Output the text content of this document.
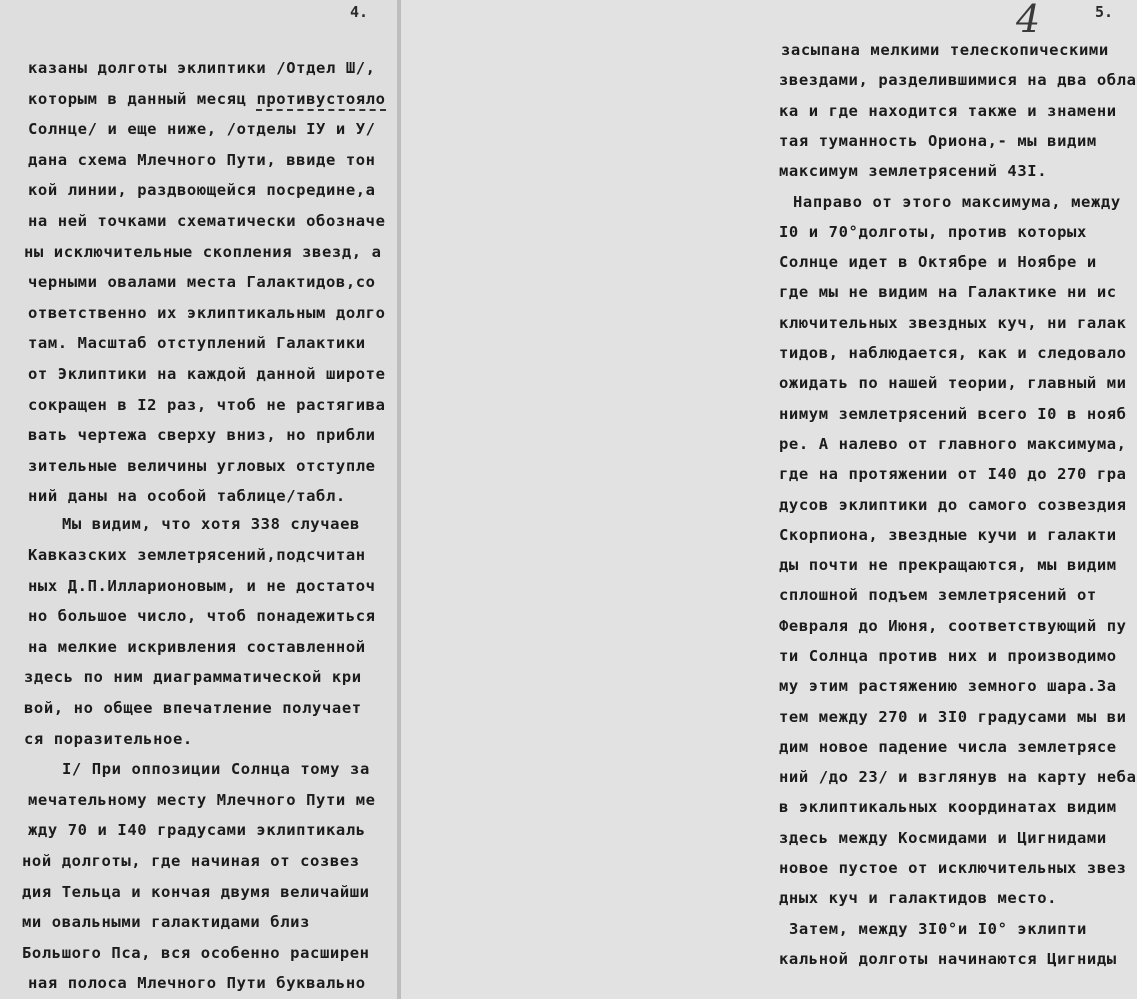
4.
казаны долготы эклиптики /Отдел Ш/,
которым в данный месяц противустояло
Солнце/ и еще ниже, /отделы IУ и У/
дана схема Млечного Пути, ввиде тон
кой линии, раздвоющейся посредине,а
на ней точками схематически обозначе
ны исключительные скопления звезд, а
черными овалами места Галактидов,со
ответственно их эклиптикальным долго
там. Масштаб отступлений Галактики
от Эклиптики на каждой данной широте
сокращен в I2 раз, чтоб не растягива
вать чертежа сверху вниз, но прибли
зительные величины угловых отступле
ний даны на особой таблице/табл.
Мы видим, что хотя 338 случаев
Кавказских землетрясений,подсчитан
ных Д.П.Илларионовым, и не достаточ
но большое число, чтоб понадежиться
на мелкие искривления составленной
здесь по ним диаграмматической кри
вой, но общее впечатление получает
ся поразительное.
I/ При оппозиции Солнца тому за
мечательному месту Млечного Пути ме
жду 70 и I40 градусами эклиптикаль
ной долготы, где начиная от созвез
дия Тельца и кончая двумя величайши
ми овальными галактидами близ
Большого Пса, вся особенно расширен
ная полоса Млечного Пути буквально
5.
4
засыпана мелкими телескопическими
звездами, разделившимися на два обла
ка и где находится также и знамени
тая туманность Ориона,- мы видим
максимум землетрясений 43I.
Направо от этого максимума, между
I0 и 70°долготы, против которых
Солнце идет в Октябре и Ноябре и
где мы не видим на Галактике ни ис
ключительных звездных куч, ни галак
тидов, наблюдается, как и следовало
ожидать по нашей теории, главный ми
нимум землетрясений всего I0 в нояб
ре. А налево от главного максимума,
где на протяжении от I40 до 270 гра
дусов эклиптики до самого созвездия
Скорпиона, звездные кучи и галакти
ды почти не прекращаются, мы видим
сплошной подъем землетрясений от
Февраля до Июня, соответствующий пу
ти Солнца против них и производимо
му этим растяжению земного шара.За
тем между 270 и 3I0 градусами мы ви
дим новое падение числа землетрясе
ний /до 23/ и взглянув на карту неба
в эклиптикальных координатах видим
здесь между Космидами и Цигнидами
новое пустое от исключительных звез
дных куч и галактидов место.
Затем, между 3I0°и I0° эклипти
кальной долготы начинаются Цигниды
